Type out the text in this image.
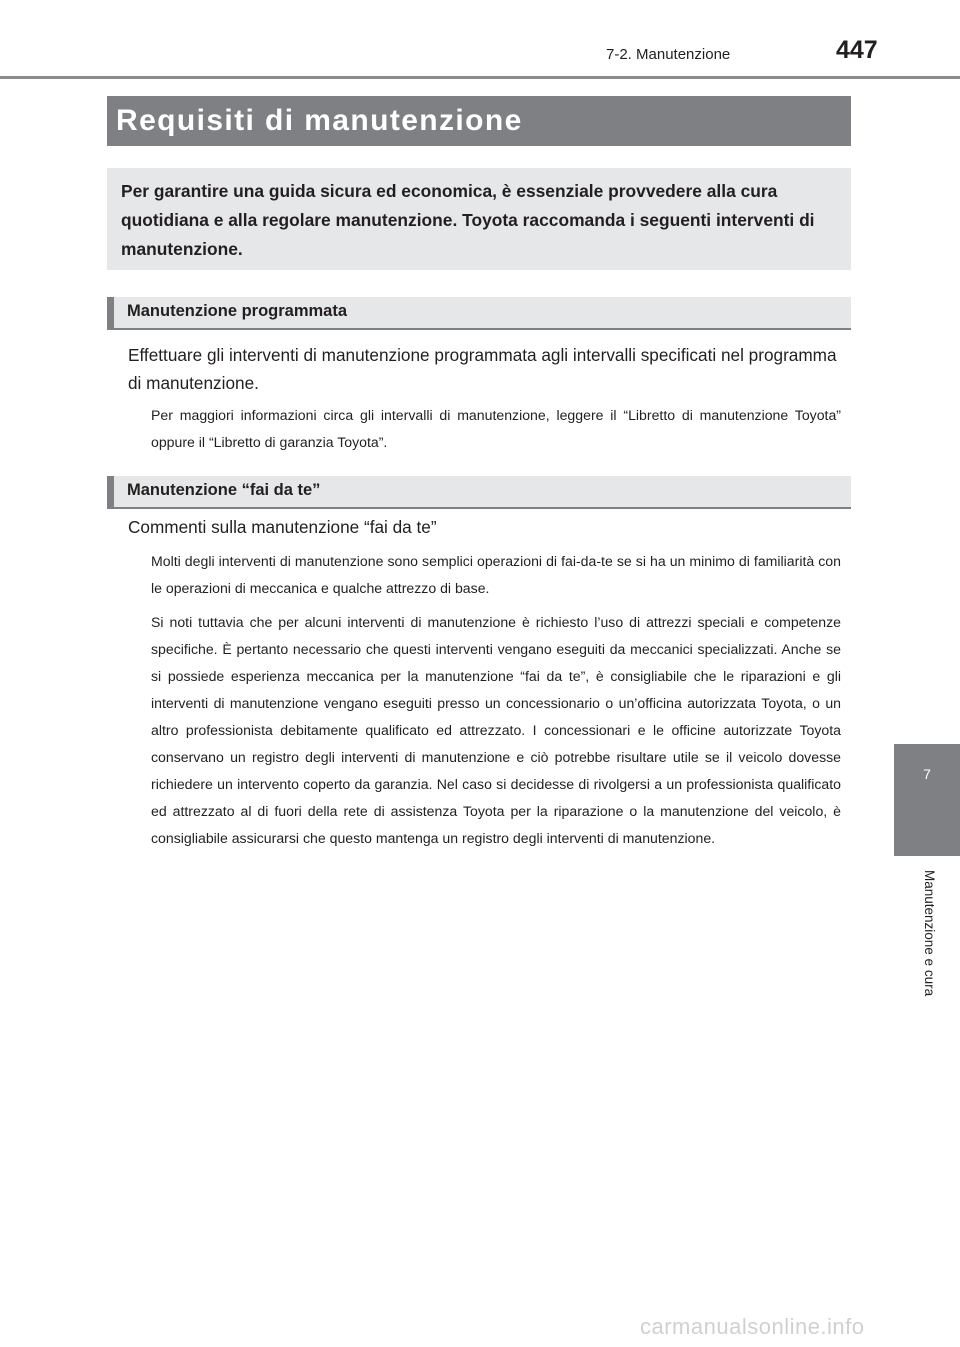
7-2. Manutenzione	447
Requisiti di manutenzione

Per garantire una guida sicura ed economica, è essenziale provvedere alla cura quotidiana e alla regolare manutenzione. Toyota raccomanda i seguenti interventi di manutenzione.

Manutenzione programmata

Effettuare gli interventi di manutenzione programmata agli intervalli specificati nel programma di manutenzione.

Per maggiori informazioni circa gli intervalli di manutenzione, leggere il “Libretto di manutenzione Toyota” oppure il “Libretto di garanzia Toyota”.

Manutenzione “fai da te”

Commenti sulla manutenzione “fai da te”

Molti degli interventi di manutenzione sono semplici operazioni di fai-da-te se si ha un minimo di familiarità con le operazioni di meccanica e qualche attrezzo di base.

Si noti tuttavia che per alcuni interventi di manutenzione è richiesto l’uso di attrezzi speciali e competenze specifiche. È pertanto necessario che questi interventi vengano eseguiti da meccanici specializzati. Anche se si possiede esperienza meccanica per la manutenzione “fai da te”, è consigliabile che le riparazioni e gli interventi di manutenzione vengano eseguiti presso un concessionario o un’officina autorizzata Toyota, o un altro professionista debitamente qualificato ed attrezzato. I concessionari e le officine autorizzate Toyota conservano un registro degli interventi di manutenzione e ciò potrebbe risultare utile se il veicolo dovesse richiedere un intervento coperto da garanzia. Nel caso si decidesse di rivolgersi a un professionista qualificato ed attrezzato al di fuori della rete di assistenza Toyota per la riparazione o la manutenzione del veicolo, è consigliabile assicurarsi che questo mantenga un registro degli interventi di manutenzione.

7
Manutenzione e cura
carmanualsonline.info
